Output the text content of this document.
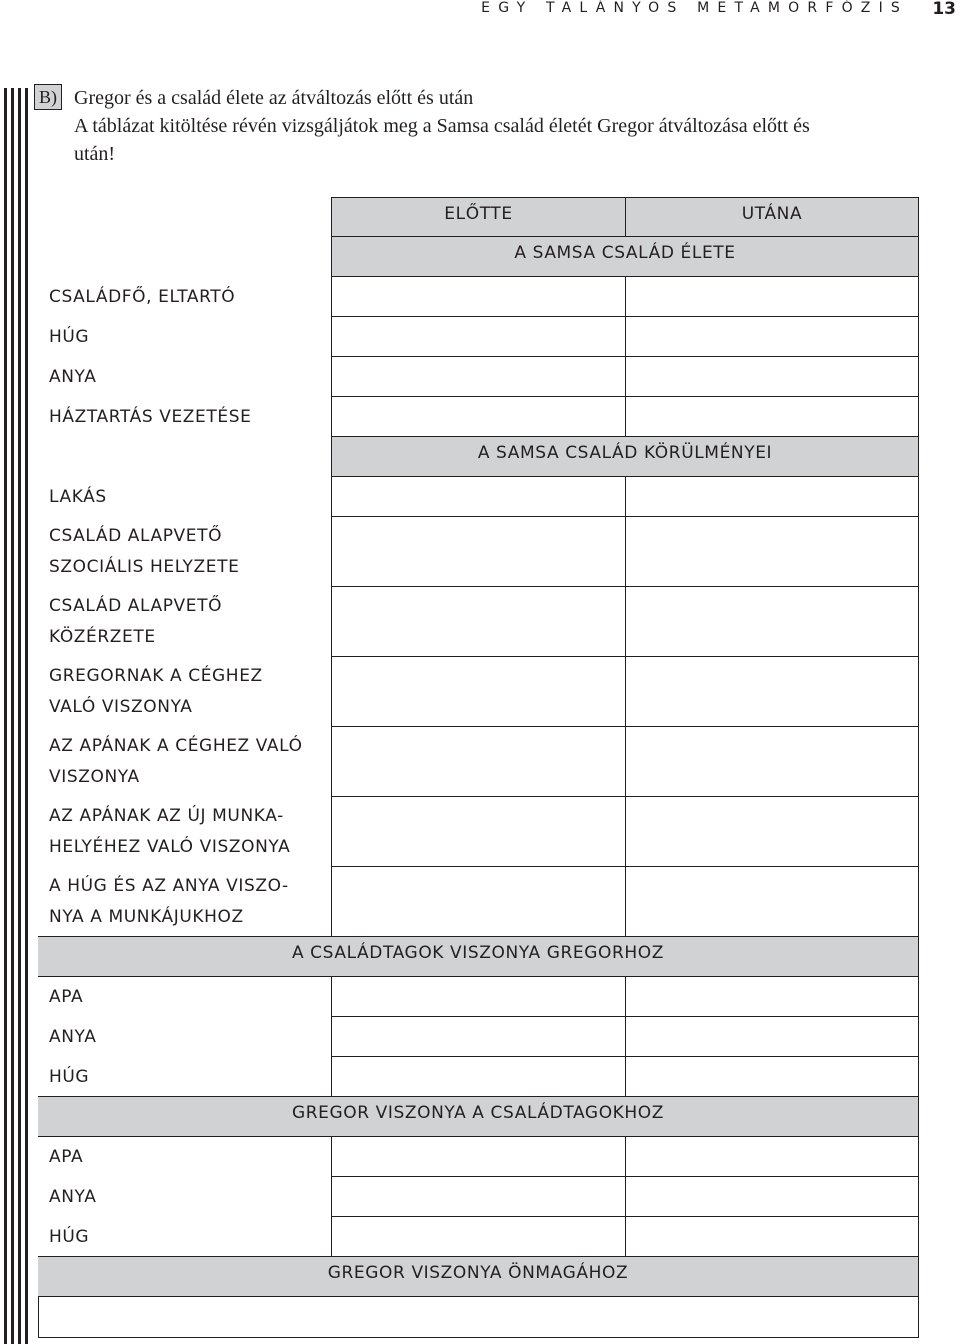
EGY TALÁNYOS METAMORFÓZIS 13
B) Gregor és a család élete az átváltozás előtt és után

A táblázat kitöltése révén vizsgáljátok meg a Samsa család életét Gregor átváltozása előtt és

után!

ELŐTTE	UTÁNA
A SAMSA CSALÁD ÉLETE
CSALÁDFŐ, ELTARTÓ
HÚG
ANYA
HÁZTARTÁS VEZETÉSE
A SAMSA CSALÁD KÖRÜLMÉNYEI
LAKÁS
CSALÁD ALAPVETŐ
SZOCIÁLIS HELYZETE
CSALÁD ALAPVETŐ
KÖZÉRZETE
GREGORNAK A CÉGHEZ
VALÓ VISZONYA
AZ APÁNAK A CÉGHEZ VALÓ
VISZONYA
AZ APÁNAK AZ ÚJ MUNKA-
HELYÉHEZ VALÓ VISZONYA
A HÚG ÉS AZ ANYA VISZO-
NYA A MUNKÁJUKHOZ
A CSALÁDTAGOK VISZONYA GREGORHOZ
APA
ANYA
HÚG
GREGOR VISZONYA A CSALÁDTAGOKHOZ
APA
ANYA
HÚG
GREGOR VISZONYA ÖNMAGÁHOZ
